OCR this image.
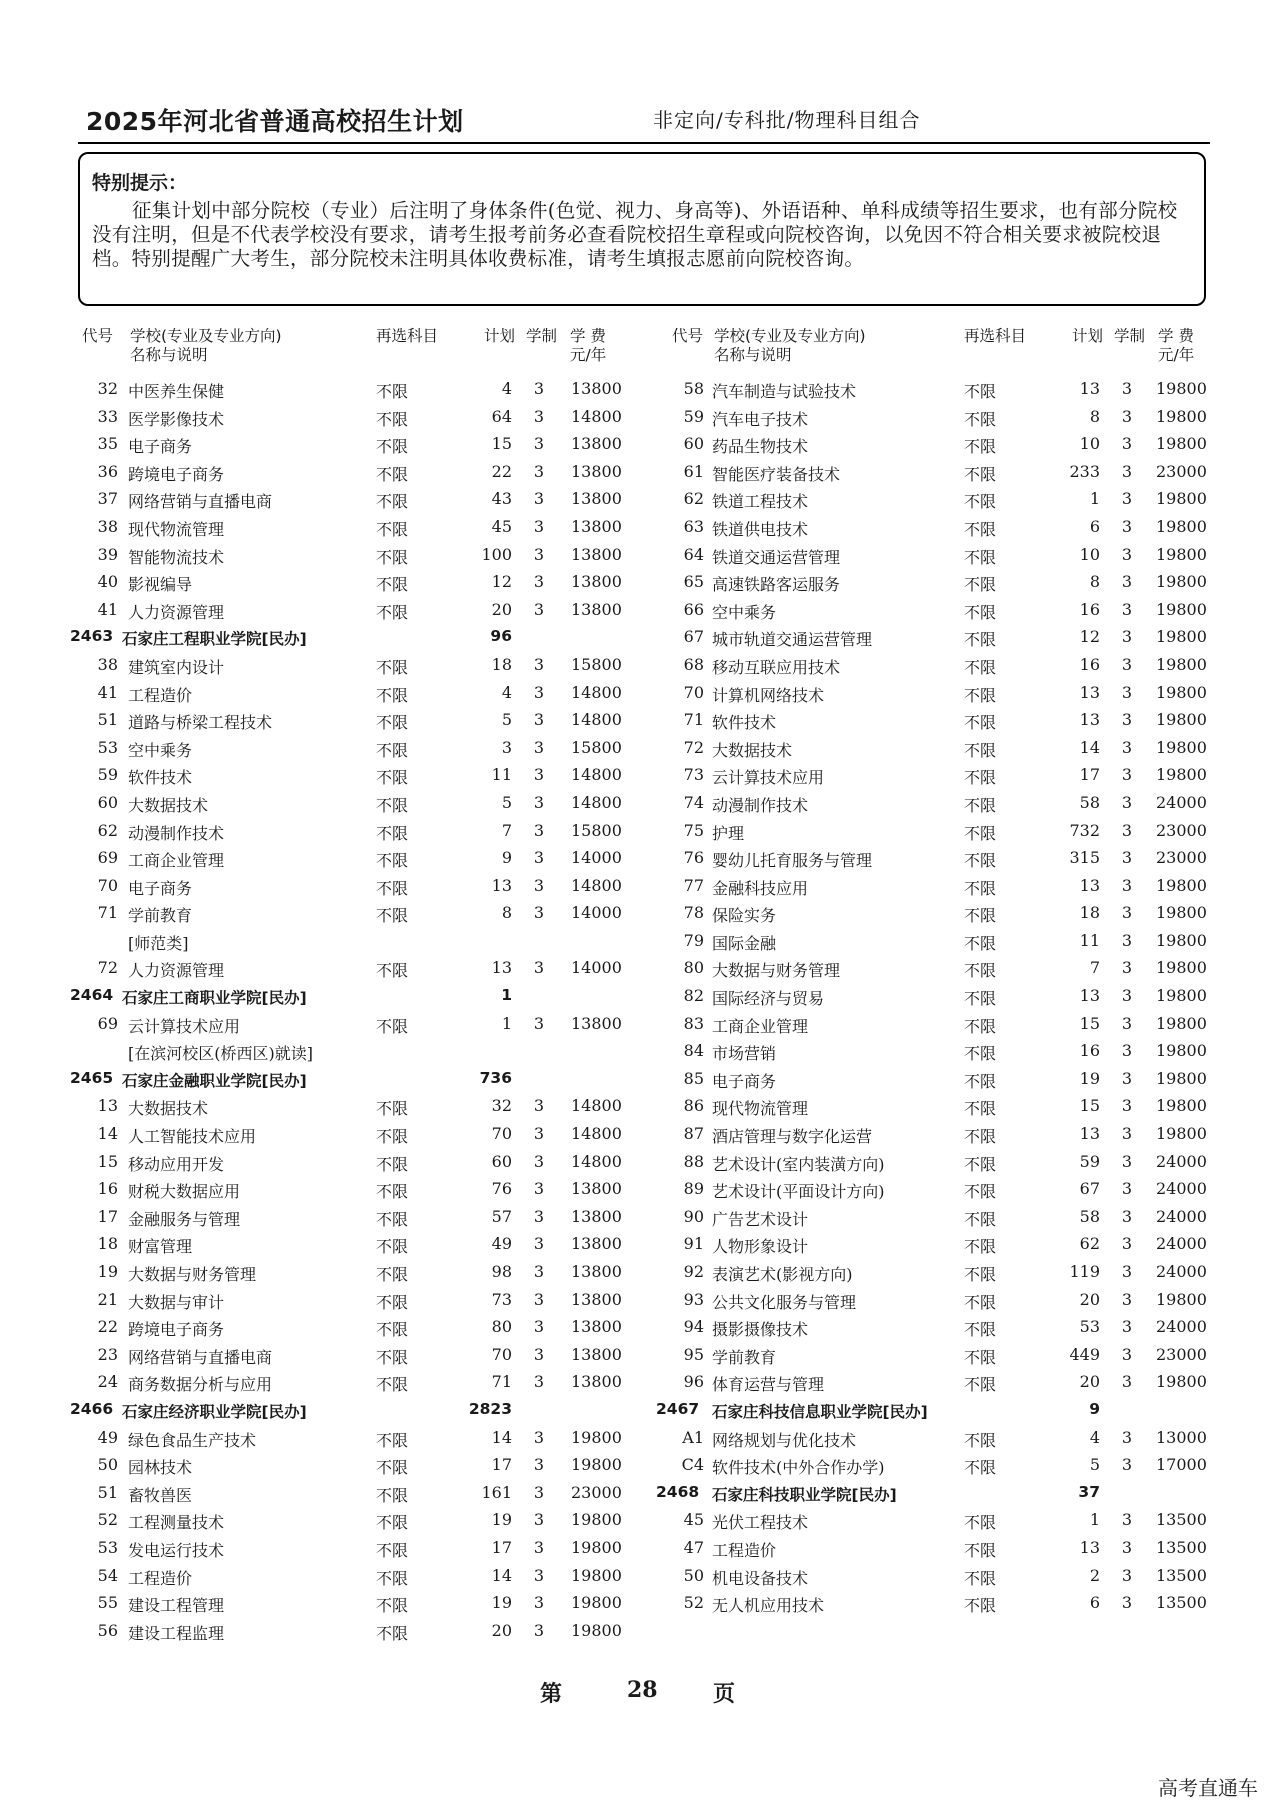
2025年河北省普通高校招生计划	非定向/专科批/物理科目组合
特别提示：
征集计划中部分院校（专业）后注明了身体条件(色觉、视力、身高等)、外语语种、单科成绩等招生要求，也有部分院校没有注明，但是不代表学校没有要求，请考生报考前务必查看院校招生章程或向院校咨询，以免因不符合相关要求被院校退档。特别提醒广大考生，部分院校未注明具体收费标准，请考生填报志愿前向院校咨询。
代号 学校(专业及专业方向)
名称与说明
再选科目	计划 学制 学 费
元/年
32 中医养生保健	不限	4	3	13800
33 医学影像技术	不限	64	3	14800
35 电子商务	不限	15	3	13800
36 跨境电子商务	不限	22	3	13800
37 网络营销与直播电商	不限	43	3	13800
38 现代物流管理	不限	45	3	13800
39 智能物流技术	不限	100	3	13800
40 影视编导	不限	12	3	13800
41 人力资源管理	不限	20	3	13800
2463 石家庄工程职业学院[民办]	96
38 建筑室内设计	不限	18	3	15800
41 工程造价	不限	4	3	14800
51 道路与桥梁工程技术	不限	5	3	14800
53 空中乘务	不限	3	3	15800
59 软件技术	不限	11	3	14800
60 大数据技术	不限	5	3	14800
62 动漫制作技术	不限	7	3	15800
69 工商企业管理	不限	9	3	14000
70 电子商务	不限	13	3	14800
71 学前教育	不限	8	3	14000
[师范类]
72 人力资源管理	不限	13	3	14000
2464 石家庄工商职业学院[民办]	1
69 云计算技术应用	不限	1	3	13800
[在滨河校区(桥西区)就读]
2465 石家庄金融职业学院[民办]	736
13 大数据技术	不限	32	3	14800
14 人工智能技术应用	不限	70	3	14800
15 移动应用开发	不限	60	3	14800
16 财税大数据应用	不限	76	3	13800
17 金融服务与管理	不限	57	3	13800
18 财富管理	不限	49	3	13800
19 大数据与财务管理	不限	98	3	13800
21 大数据与审计	不限	73	3	13800
22 跨境电子商务	不限	80	3	13800
23 网络营销与直播电商	不限	70	3	13800
24 商务数据分析与应用	不限	71	3	13800
2466 石家庄经济职业学院[民办]	2823
49 绿色食品生产技术	不限	14	3	19800
50 园林技术	不限	17	3	19800
51 畜牧兽医	不限	161	3	23000
52 工程测量技术	不限	19	3	19800
53 发电运行技术	不限	17	3	19800
54 工程造价	不限	14	3	19800
55 建设工程管理	不限	19	3	19800
56 建设工程监理	不限	20	3	19800
代号 学校(专业及专业方向)
名称与说明
再选科目	计划 学制 学 费
元/年
58 汽车制造与试验技术	不限	13	3	19800
59 汽车电子技术	不限	8	3	19800
60 药品生物技术	不限	10	3	19800
61 智能医疗装备技术	不限	233	3	23000
62 铁道工程技术	不限	1	3	19800
63 铁道供电技术	不限	6	3	19800
64 铁道交通运营管理	不限	10	3	19800
65 高速铁路客运服务	不限	8	3	19800
66 空中乘务	不限	16	3	19800
67 城市轨道交通运营管理	不限	12	3	19800
68 移动互联应用技术	不限	16	3	19800
70 计算机网络技术	不限	13	3	19800
71 软件技术	不限	13	3	19800
72 大数据技术	不限	14	3	19800
73 云计算技术应用	不限	17	3	19800
74 动漫制作技术	不限	58	3	24000
75 护理	不限	732	3	23000
76 婴幼儿托育服务与管理	不限	315	3	23000
77 金融科技应用	不限	13	3	19800
78 保险实务	不限	18	3	19800
79 国际金融	不限	11	3	19800
80 大数据与财务管理	不限	7	3	19800
82 国际经济与贸易	不限	13	3	19800
83 工商企业管理	不限	15	3	19800
84 市场营销	不限	16	3	19800
85 电子商务	不限	19	3	19800
86 现代物流管理	不限	15	3	19800
87 酒店管理与数字化运营	不限	13	3	19800
88 艺术设计(室内装潢方向)	不限	59	3	24000
89 艺术设计(平面设计方向)	不限	67	3	24000
90 广告艺术设计	不限	58	3	24000
91 人物形象设计	不限	62	3	24000
92 表演艺术(影视方向)	不限	119	3	24000
93 公共文化服务与管理	不限	20	3	19800
94 摄影摄像技术	不限	53	3	24000
95 学前教育	不限	449	3	23000
96 体育运营与管理	不限	20	3	19800
2467 石家庄科技信息职业学院[民办]	9
A1 网络规划与优化技术	不限	4	3	13000
C4 软件技术(中外合作办学)	不限	5	3	17000
2468 石家庄科技职业学院[民办]	37
45 光伏工程技术	不限	1	3	13500
47 工程造价	不限	13	3	13500
50 机电设备技术	不限	2	3	13500
52 无人机应用技术	不限	6	3	13500
第	28	页
高考直通车
